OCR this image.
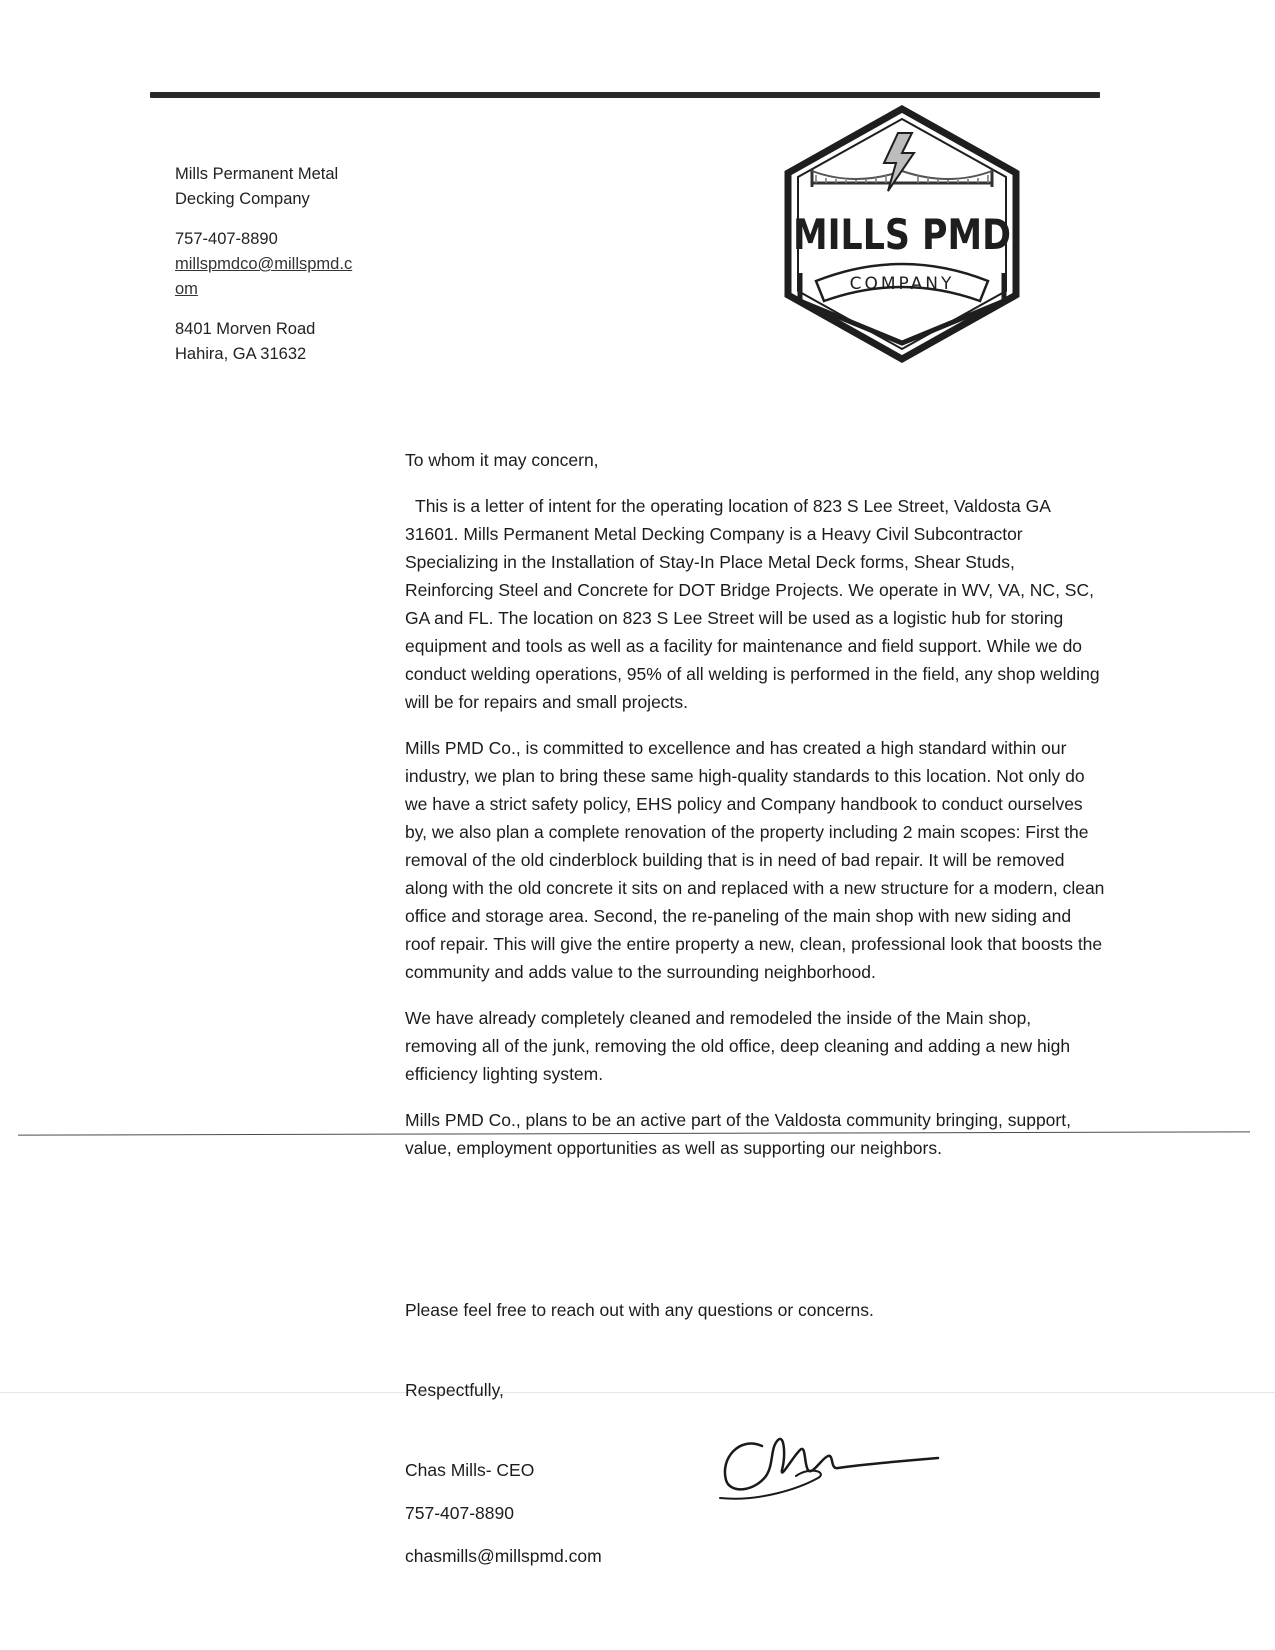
Mills Permanent Metal
Decking Company
757-407-8890
millspmdco@millspmd.c
om
8401 Morven Road
Hahira, GA 31632
MILLS PMD
COMPANY

To whom it may concern,

This is a letter of intent for the operating location of 823 S Lee Street, Valdosta GA 31601. Mills Permanent Metal Decking Company is a Heavy Civil Subcontractor Specializing in the Installation of Stay-In Place Metal Deck forms, Shear Studs, Reinforcing Steel and Concrete for DOT Bridge Projects. We operate in WV, VA, NC, SC, GA and FL. The location on 823 S Lee Street will be used as a logistic hub for storing equipment and tools as well as a facility for maintenance and field support. While we do conduct welding operations, 95% of all welding is performed in the field, any shop welding will be for repairs and small projects.

Mills PMD Co., is committed to excellence and has created a high standard within our industry, we plan to bring these same high-quality standards to this location. Not only do we have a strict safety policy, EHS policy and Company handbook to conduct ourselves by, we also plan a complete renovation of the property including 2 main scopes: First the removal of the old cinderblock building that is in need of bad repair. It will be removed along with the old concrete it sits on and replaced with a new structure for a modern, clean office and storage area. Second, the re-paneling of the main shop with new siding and roof repair. This will give the entire property a new, clean, professional look that boosts the community and adds value to the surrounding neighborhood.

We have already completely cleaned and remodeled the inside of the Main shop, removing all of the junk, removing the old office, deep cleaning and adding a new high efficiency lighting system.

Mills PMD Co., plans to be an active part of the Valdosta community bringing, support, value, employment opportunities as well as supporting our neighbors.

Please feel free to reach out with any questions or concerns.
Respectfully,
Chas Mills- CEO
757-407-8890
chasmills@millspmd.com
